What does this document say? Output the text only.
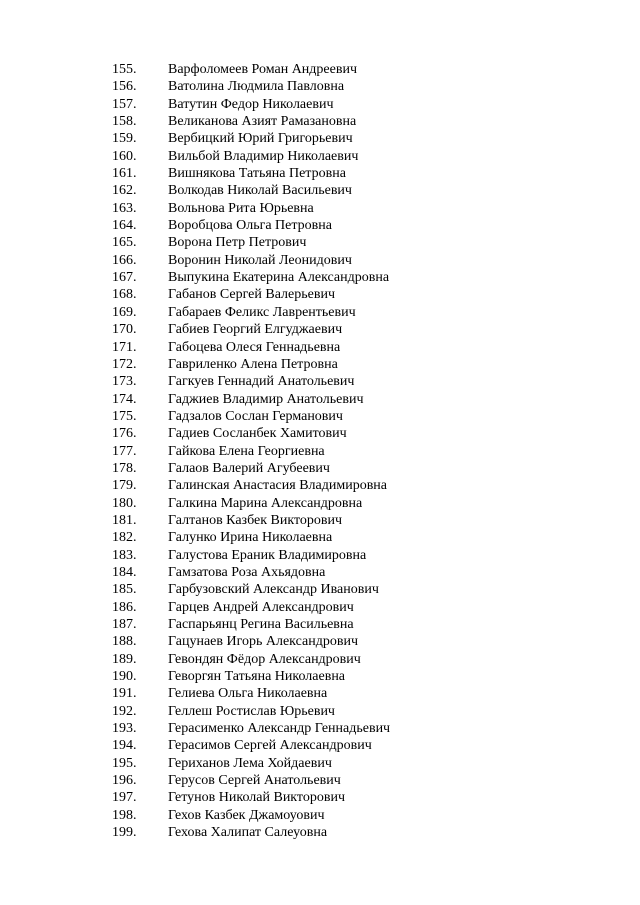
155.	Варфоломеев Роман Андреевич
156.	Ватолина Людмила Павловна
157.	Ватутин Федор Николаевич
158.	Великанова Азият Рамазановна
159.	Вербицкий Юрий Григорьевич
160.	Вильбой Владимир Николаевич
161.	Вишнякова Татьяна Петровна
162.	Волкодав Николай Васильевич
163.	Вольнова Рита Юрьевна
164.	Воробцова Ольга Петровна
165.	Ворона Петр Петрович
166.	Воронин Николай Леонидович
167.	Выпукина Екатерина Александровна
168.	Габанов Сергей Валерьевич
169.	Габараев Феликс Лаврентьевич
170.	Габиев Георгий Елгуджаевич
171.	Габоцева Олеся Геннадьевна
172.	Гавриленко Алена Петровна
173.	Гагкуев Геннадий Анатольевич
174.	Гаджиев Владимир Анатольевич
175.	Гадзалов Сослан Германович
176.	Гадиев Сосланбек Хамитович
177.	Гайкова Елена Георгиевна
178.	Галаов Валерий Агубеевич
179.	Галинская Анастасия Владимировна
180.	Галкина Марина Александровна
181.	Галтанов Казбек Викторович
182.	Галунко Ирина Николаевна
183.	Галустова Ераник Владимировна
184.	Гамзатова Роза Ахьядовна
185.	Гарбузовский Александр Иванович
186.	Гарцев Андрей Александрович
187.	Гаспарьянц Регина Васильевна
188.	Гацунаев Игорь Александрович
189.	Гевондян Фёдор Александрович
190.	Геворгян Татьяна Николаевна
191.	Гелиева Ольга Николаевна
192.	Геллеш Ростислав Юрьевич
193.	Герасименко Александр Геннадьевич
194.	Герасимов Сергей Александрович
195.	Гериханов Лема Хойдаевич
196.	Герусов Сергей Анатольевич
197.	Гетунов Николай Викторович
198.	Гехов Казбек Джамоуович
199.	Гехова Халипат Салеуовна
